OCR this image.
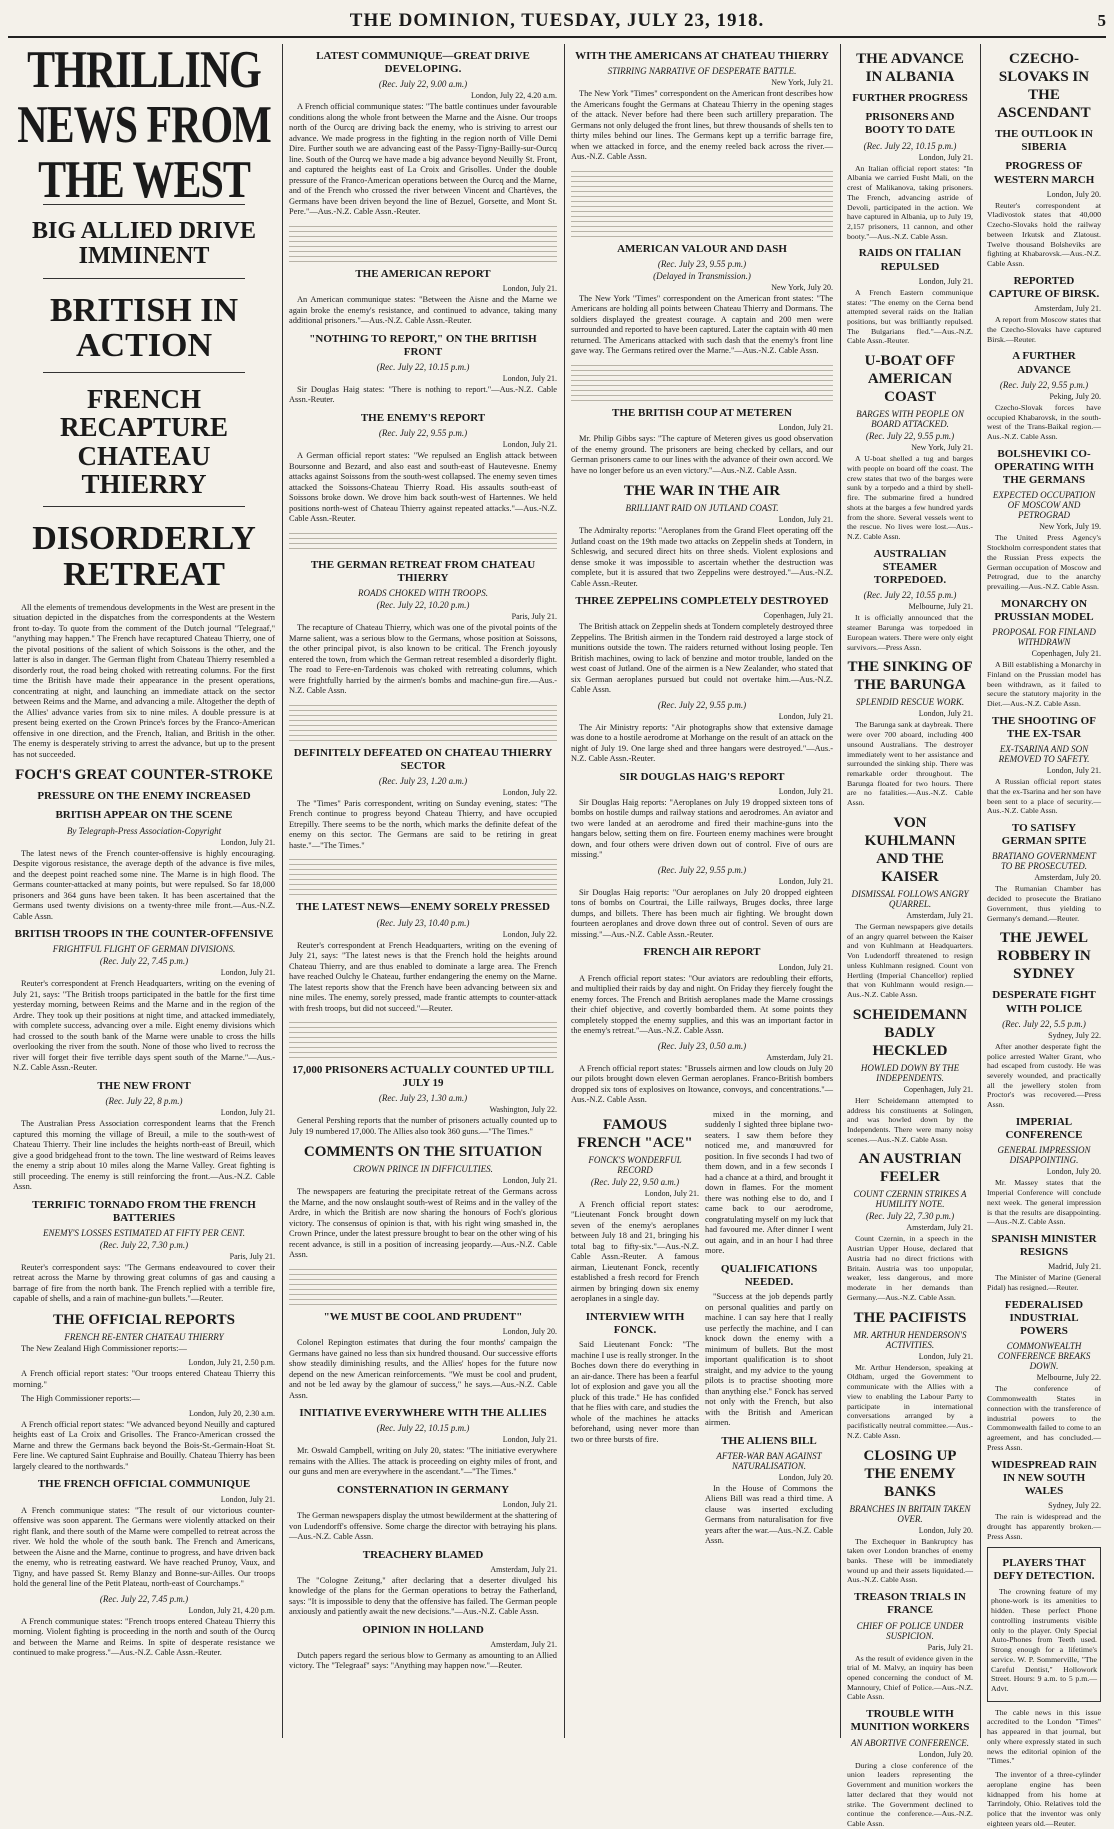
THE DOMINION, TUESDAY, JULY 23, 1918.	5
THRILLING NEWS FROM THE WEST
BIG ALLIED DRIVE IMMINENT
BRITISH IN ACTION
FRENCH RECAPTURE CHATEAU THIERRY
DISORDERLY RETREAT

All the elements of tremendous developments in the West are present in the situation depicted in the dispatches from the correspondents at the Western front to-day. To quote from the comment of the Dutch journal "Telegraaf," "anything may happen." The French have recaptured Chateau Thierry, one of the pivotal positions of the salient of which Soissons is the other, and the latter is also in danger. The German flight from Chateau Thierry resembled a disorderly rout, the road being choked with retreating columns. For the first time the British have made their appearance in the present operations, concentrating at night, and launching an immediate attack on the sector between Reims and the Marne, and advancing a mile. Altogether the depth of the Allies' advance varies from six to nine miles. A double pressure is at present being exerted on the Crown Prince's forces by the Franco-American offensive in one direction, and the French, Italian, and British in the other. The enemy is desperately striving to arrest the advance, but up to the present has not succeeded.

FOCH'S GREAT COUNTER-STROKE
PRESSURE ON THE ENEMY INCREASED
BRITISH APPEAR ON THE SCENE
By Telegraph-Press Association-Copyright
London, July 21.

The latest news of the French counter-offensive is highly encouraging. Despite vigorous resistance, the average depth of the advance is five miles, and the deepest point reached some nine. The Marne is in high flood. The Germans counter-attacked at many points, but were repulsed. So far 18,000 prisoners and 364 guns have been taken. It has been ascertained that the Germans used twenty divisions on a twenty-three mile front.—Aus.-N.Z. Cable Assn.

BRITISH TROOPS IN THE COUNTER-OFFENSIVE
FRIGHTFUL FLIGHT OF GERMAN DIVISIONS.
(Rec. July 22, 7.45 p.m.)
London, July 21.

Reuter's correspondent at French Headquarters, writing on the evening of July 21, says: "The British troops participated in the battle for the first time yesterday morning, between Reims and the Marne and in the region of the Ardre. They took up their positions at night time, and attacked immediately, with complete success, advancing over a mile. Eight enemy divisions which had crossed to the south bank of the Marne were unable to cross the hills overlooking the river from the south. None of those who lived to recross the river will forget their five terrible days spent south of the Marne."—Aus.-N.Z. Cable Assn.-Reuter.

THE NEW FRONT
(Rec. July 22, 8 p.m.)
London, July 21.

The Australian Press Association correspondent learns that the French captured this morning the village of Breuil, a mile to the south-west of Chateau Thierry. Their line includes the heights north-east of Breuil, which give a good bridgehead front to the town. The line westward of Reims leaves the enemy a strip about 10 miles along the Marne Valley. Great fighting is still proceeding. The enemy is still reinforcing the front.—Aus.-N.Z. Cable Assn.

TERRIFIC TORNADO FROM THE FRENCH BATTERIES
ENEMY'S LOSSES ESTIMATED AT FIFTY PER CENT.
(Rec. July 22, 7.30 p.m.)
Paris, July 21.

Reuter's correspondent says: "The Germans endeavoured to cover their retreat across the Marne by throwing great columns of gas and causing a barrage of fire from the north bank. The French replied with a terrible fire, capable of shells, and a rain of machine-gun bullets."—Reuter.

THE OFFICIAL REPORTS
FRENCH RE-ENTER CHATEAU THIERRY

The New Zealand High Commissioner reports:—

London, July 21, 2.50 p.m.

A French official report states: "Our troops entered Chateau Thierry this morning."

The High Commissioner reports:—

London, July 20, 2.30 a.m.

A French official report states: "We advanced beyond Neuilly and captured heights east of La Croix and Grisolles. The Franco-American crossed the Marne and threw the Germans back beyond the Bois-St.-Germain-Hoat St. Fere line. We captured Saint Euphraise and Bouilly. Chateau Thierry has been largely cleared to the northwards."

THE FRENCH OFFICIAL COMMUNIQUE
London, July 21.

A French communique states: "The result of our victorious counter-offensive was soon apparent. The Germans were violently attacked on their right flank, and there south of the Marne were compelled to retreat across the river. We hold the whole of the south bank. The French and Americans, between the Aisne and the Marne, continue to progress, and have driven back the enemy, who is retreating eastward. We have reached Prunoy, Vaux, and Tigny, and have passed St. Remy Blanzy and Bonne-sur-Ailles. Our troops hold the general line of the Petit Plateau, north-east of Courchamps."

(Rec. July 22, 7.45 p.m.)
London, July 21, 4.20 p.m.

A French communique states: "French troops entered Chateau Thierry this morning. Violent fighting is proceeding in the north and south of the Ourcq and between the Marne and Reims. In spite of desperate resistance we continued to make progress."—Aus.-N.Z. Cable Assn.-Reuter.

LATEST COMMUNIQUE—GREAT DRIVE DEVELOPING.
(Rec. July 22, 9.00 a.m.)
London, July 22, 4.20 a.m.

A French official communique states: "The battle continues under favourable conditions along the whole front between the Marne and the Aisne. Our troops north of the Ourcq are driving back the enemy, who is striving to arrest our advance. We made progress in the fighting in the region north of Ville Demi Dire. Further south we are advancing east of the Passy-Tigny-Bailly-sur-Ourcq line. South of the Ourcq we have made a big advance beyond Neuilly St. Front, and captured the heights east of La Croix and Grisolles. Under the double pressure of the Franco-American operations between the Ourcq and the Marne, and of the French who crossed the river between Vincent and Chartèves, the Germans have been driven beyond the line of Bezuel, Gorsette, and Mont St. Pere."—Aus.-N.Z. Cable Assn.-Reuter.

THE AMERICAN REPORT
London, July 21.

An American communique states: "Between the Aisne and the Marne we again broke the enemy's resistance, and continued to advance, taking many additional prisoners."—Aus.-N.Z. Cable Assn.-Reuter.

"NOTHING TO REPORT," ON THE BRITISH FRONT
(Rec. July 22, 10.15 p.m.)
London, July 21.

Sir Douglas Haig states: "There is nothing to report."—Aus.-N.Z. Cable Assn.-Reuter.

THE ENEMY'S REPORT
(Rec. July 22, 9.55 p.m.)
London, July 21.

A German official report states: "We repulsed an English attack between Boursonne and Bezard, and also east and south-east of Hautevesne. Enemy attacks against Soissons from the south-west collapsed. The enemy seven times attacked the Soissons-Chateau Thierry Road. His assaults south-east of Soissons broke down. We drove him back south-west of Hartennes. We held positions north-west of Chateau Thierry against repeated attacks."—Aus.-N.Z. Cable Assn.-Reuter.

THE GERMAN RETREAT FROM CHATEAU THIERRY
ROADS CHOKED WITH TROOPS.
(Rec. July 22, 10.20 p.m.)
Paris, July 21.

The recapture of Chateau Thierry, which was one of the pivotal points of the Marne salient, was a serious blow to the Germans, whose position at Soissons, the other principal pivot, is also known to be critical. The French joyously entered the town, from which the German retreat resembled a disorderly flight. The road to Fere-en-Tardenois was choked with retreating columns, which were frightfully harried by the airmen's bombs and machine-gun fire.—Aus.-N.Z. Cable Assn.

DEFINITELY DEFEATED ON CHATEAU THIERRY SECTOR
(Rec. July 23, 1.20 a.m.)
London, July 22.

The "Times" Paris correspondent, writing on Sunday evening, states: "The French continue to progress beyond Chateau Thierry, and have occupied Etrepilly. There seems to be the north, which marks the definite defeat of the enemy on this sector. The Germans are said to be retiring in great haste."—"The Times."

THE LATEST NEWS—ENEMY SORELY PRESSED
(Rec. July 23, 10.40 p.m.)
London, July 22.

Reuter's correspondent at French Headquarters, writing on the evening of July 21, says: "The latest news is that the French hold the heights around Chateau Thierry, and are thus enabled to dominate a large area. The French have reached Oulchy le Chateau, further endangering the enemy on the Marne. The latest reports show that the French have been advancing between six and nine miles. The enemy, sorely pressed, made frantic attempts to counter-attack with fresh troops, but did not succeed."—Reuter.

17,000 PRISONERS ACTUALLY COUNTED UP TILL JULY 19
(Rec. July 23, 1.30 a.m.)
Washington, July 22.

General Pershing reports that the number of prisoners actually counted up to July 19 numbered 17,000. The Allies also took 360 guns.—"The Times."

COMMENTS ON THE SITUATION
CROWN PRINCE IN DIFFICULTIES.
London, July 21.

The newspapers are featuring the precipitate retreat of the Germans across the Marne, and the now onslaught south-west of Reims and in the valley of the Ardre, in which the British are now sharing the honours of Foch's glorious victory. The consensus of opinion is that, with his right wing smashed in, the Crown Prince, under the latest pressure brought to bear on the other wing of his recent advance, is still in a position of increasing jeopardy.—Aus.-N.Z. Cable Assn.

"WE MUST BE COOL AND PRUDENT"
London, July 20.

Colonel Repington estimates that during the four months' campaign the Germans have gained no less than six hundred thousand. Our successive efforts show steadily diminishing results, and the Allies' hopes for the future now depend on the new American reinforcements. "We must be cool and prudent, and not be led away by the glamour of success," he says.—Aus.-N.Z. Cable Assn.

INITIATIVE EVERYWHERE WITH THE ALLIES
(Rec. July 22, 10.15 p.m.)
London, July 21.

Mr. Oswald Campbell, writing on July 20, states: "The initiative everywhere remains with the Allies. The attack is proceeding on eighty miles of front, and our guns and men are everywhere in the ascendant."—"The Times."

CONSTERNATION IN GERMANY
London, July 21.

The German newspapers display the utmost bewilderment at the shattering of von Ludendorff's offensive. Some charge the director with betraying his plans.—Aus.-N.Z. Cable Assn.

TREACHERY BLAMED
Amsterdam, July 21.

The "Cologne Zeitung," after declaring that a deserter divulged his knowledge of the plans for the German operations to betray the Fatherland, says: "It is impossible to deny that the offensive has failed. The German people anxiously and patiently await the new decisions."—Aus.-N.Z. Cable Assn.

OPINION IN HOLLAND
Amsterdam, July 21.

Dutch papers regard the serious blow to Germany as amounting to an Allied victory. The "Telegraaf" says: "Anything may happen now."—Reuter.

WITH THE AMERICANS AT CHATEAU THIERRY
STIRRING NARRATIVE OF DESPERATE BATTLE.
New York, July 21.

The New York "Times" correspondent on the American front describes how the Americans fought the Germans at Chateau Thierry in the opening stages of the attack. Never before had there been such artillery preparation. The Germans not only deluged the front lines, but threw thousands of shells ten to thirty miles behind our lines. The Germans kept up a terrific barrage fire, when we attacked in force, and the enemy reeled back across the river.—Aus.-N.Z. Cable Assn.

AMERICAN VALOUR AND DASH
(Rec. July 23, 9.55 p.m.)
(Delayed in Transmission.)
New York, July 20.

The New York "Times" correspondent on the American front states: "The Americans are holding all points between Chateau Thierry and Dormans. The soldiers displayed the greatest courage. A captain and 200 men were surrounded and reported to have been captured. Later the captain with 40 men returned. The Americans attacked with such dash that the enemy's front line gave way. The Germans retired over the Marne."—Aus.-N.Z. Cable Assn.

THE BRITISH COUP AT METEREN
London, July 21.

Mr. Philip Gibbs says: "The capture of Meteren gives us good observation of the enemy ground. The prisoners are being checked by cellars, and our German prisoners came to our lines with the advance of their own accord. We have no longer before us an even victory."—Aus.-N.Z. Cable Assn.

THE WAR IN THE AIR
BRILLIANT RAID ON JUTLAND COAST.
London, July 21.

The Admiralty reports: "Aeroplanes from the Grand Fleet operating off the Jutland coast on the 19th made two attacks on Zeppelin sheds at Tondern, in Schleswig, and secured direct hits on three sheds. Violent explosions and dense smoke it was impossible to ascertain whether the destruction was complete, but it is assured that two Zeppelins were destroyed."—Aus.-N.Z. Cable Assn.-Reuter.

THREE ZEPPELINS COMPLETELY DESTROYED
Copenhagen, July 21.

The British attack on Zeppelin sheds at Tondern completely destroyed three Zeppelins. The British airmen in the Tondern raid destroyed a large stock of munitions outside the town. The raiders returned without losing people. Ten British machines, owing to lack of benzine and motor trouble, landed on the west coast of Jutland. One of the airmen is a New Zealander, who stated that six German aeroplanes pursued but could not overtake him.—Aus.-N.Z. Cable Assn.

(Rec. July 22, 9.55 p.m.)
London, July 21.

The Air Ministry reports: "Air photographs show that extensive damage was done to a hostile aerodrome at Morhange on the result of an attack on the night of July 19. One large shed and three hangars were destroyed."—Aus.-N.Z. Cable Assn.-Reuter.

SIR DOUGLAS HAIG'S REPORT
London, July 21.

Sir Douglas Haig reports: "Aeroplanes on July 19 dropped sixteen tons of bombs on hostile dumps and railway stations and aerodromes. An aviator and two were landed at an aerodrome and fired their machine-guns into the hangars below, setting them on fire. Fourteen enemy machines were brought down, and four others were driven down out of control. Five of ours are missing."

(Rec. July 22, 9.55 p.m.)
London, July 21.

Sir Douglas Haig reports: "Our aeroplanes on July 20 dropped eighteen tons of bombs on Courtrai, the Lille railways, Bruges docks, three large dumps, and billets. There has been much air fighting. We brought down fourteen aeroplanes and drove down three out of control. Seven of ours are missing."—Aus.-N.Z. Cable Assn.-Reuter.

FRENCH AIR REPORT
London, July 21.

A French official report states: "Our aviators are redoubling their efforts, and multiplied their raids by day and night. On Friday they fiercely fought the enemy forces. The French and British aeroplanes made the Marne crossings their chief objective, and covertly bombarded them. At some points they completely stopped the enemy supplies, and this was an important factor in the enemy's retreat."—Aus.-N.Z. Cable Assn.

(Rec. July 23, 0.50 a.m.)
Amsterdam, July 21.

A French official report states: "Brussels airmen and low clouds on July 20 our pilots brought down eleven German aeroplanes. Franco-British bombers dropped six tons of explosives on Itowance, convoys, and concentrations."—Aus.-N.Z. Cable Assn.

FAMOUS FRENCH "ACE"
FONCK'S WONDERFUL RECORD
(Rec. July 22, 9.50 a.m.)
London, July 21.

A French official report states: "Lieutenant Fonck brought down seven of the enemy's aeroplanes between July 18 and 21, bringing his total bag to fifty-six."—Aus.-N.Z. Cable Assn.-Reuter. A famous airman, Lieutenant Fonck, recently established a fresh record for French airmen by bringing down six enemy aeroplanes in a single day.

INTERVIEW WITH FONCK.

Said Lieutenant Fonck: "The machine I use is really stronger. In the Boches down there do everything in an air-dance. There has been a fearful lot of explosion and gave you all the pluck of this trade." He has confided that he flies with care, and studies the whole of the machines he attacks beforehand, using never more than two or three bursts of fire.

mixed in the morning, and suddenly I sighted three biplane two-seaters. I saw them before they noticed me, and manœuvred for position. In five seconds I had two of them down, and in a few seconds I had a chance at a third, and brought it down in flames. For the moment there was nothing else to do, and I came back to our aerodrome, congratulating myself on my luck that had favoured me. After dinner I went out again, and in an hour I had three more.

QUALIFICATIONS NEEDED.

"Success at the job depends partly on personal qualities and partly on machine. I can say here that I really use perfectly the machine, and I can knock down the enemy with a minimum of bullets. But the most important qualification is to shoot straight, and my advice to the young pilots is to practise shooting more than anything else." Fonck has served not only with the French, but also with the British and American airmen.

THE ALIENS BILL
AFTER-WAR BAN AGAINST NATURALISATION.
London, July 20.

In the House of Commons the Aliens Bill was read a third time. A clause was inserted excluding Germans from naturalisation for five years after the war.—Aus.-N.Z. Cable Assn.

THE ADVANCE IN ALBANIA
FURTHER PROGRESS
PRISONERS AND BOOTY TO DATE
(Rec. July 22, 10.15 p.m.)
London, July 21.

An Italian official report states: "In Albania we carried Fusht Mali, on the crest of Malikanova, taking prisoners. The French, advancing astride of Devoli, participated in the action. We have captured in Albania, up to July 19, 2,157 prisoners, 11 cannon, and other booty."—Aus.-N.Z. Cable Assn.

RAIDS ON ITALIAN REPULSED
London, July 21.

A French Eastern communique states: "The enemy on the Cerna bend attempted several raids on the Italian positions, but was brilliantly repulsed. The Bulgarians fled."—Aus.-N.Z. Cable Assn.-Reuter.

U-BOAT OFF AMERICAN COAST
BARGES WITH PEOPLE ON BOARD ATTACKED.
(Rec. July 22, 9.55 p.m.)
New York, July 21.

A U-boat shelled a tug and barges with people on board off the coast. The crew states that two of the barges were sunk by a torpedo and a third by shell-fire. The submarine fired a hundred shots at the barges a few hundred yards from the shore. Several vessels went to the rescue. No lives were lost.—Aus.-N.Z. Cable Assn.

AUSTRALIAN STEAMER TORPEDOED.
(Rec. July 22, 10.55 p.m.)
Melbourne, July 21.

It is officially announced that the steamer Barunga was torpedoed in European waters. There were only eight survivors.—Press Assn.

THE SINKING OF THE BARUNGA
SPLENDID RESCUE WORK.
London, July 21.

The Barunga sank at daybreak. There were over 700 aboard, including 400 unsound Australians. The destroyer immediately went to her assistance and surrounded the sinking ship. There was remarkable order throughout. The Barunga floated for two hours. There are no fatalities.—Aus.-N.Z. Cable Assn.

VON KUHLMANN AND THE KAISER
DISMISSAL FOLLOWS ANGRY QUARREL.
Amsterdam, July 21.

The German newspapers give details of an angry quarrel between the Kaiser and von Kuhlmann at Headquarters. Von Ludendorff threatened to resign unless Kuhlmann resigned. Count von Hertling (Imperial Chancellor) replied that von Kuhlmann would resign.—Aus.-N.Z. Cable Assn.

SCHEIDEMANN BADLY HECKLED
HOWLED DOWN BY THE INDEPENDENTS.
Copenhagen, July 21.

Herr Scheidemann attempted to address his constituents at Solingen, and was howled down by the Independents. There were many noisy scenes.—Aus.-N.Z. Cable Assn.

AN AUSTRIAN FEELER
COUNT CZERNIN STRIKES A HUMILITY NOTE.
(Rec. July 22, 7.30 p.m.)
Amsterdam, July 21.

Count Czernin, in a speech in the Austrian Upper House, declared that Austria had no direct frictions with Britain. Austria was too unpopular, weaker, less dangerous, and more moderate in her demands than Germany.—Aus.-N.Z. Cable Assn.

THE PACIFISTS
MR. ARTHUR HENDERSON'S ACTIVITIES.
London, July 21.

Mr. Arthur Henderson, speaking at Oldham, urged the Government to communicate with the Allies with a view to enabling the Labour Party to participate in international conversations arranged by a pacifistically neutral committee.—Aus.-N.Z. Cable Assn.

CLOSING UP THE ENEMY BANKS
BRANCHES IN BRITAIN TAKEN OVER.
London, July 20.

The Exchequer in Bankruptcy has taken over London branches of enemy banks. These will be immediately wound up and their assets liquidated.—Aus.-N.Z. Cable Assn.

TREASON TRIALS IN FRANCE
CHIEF OF POLICE UNDER SUSPICION.
Paris, July 21.

As the result of evidence given in the trial of M. Malvy, an inquiry has been opened concerning the conduct of M. Mannoury, Chief of Police.—Aus.-N.Z. Cable Assn.

TROUBLE WITH MUNITION WORKERS
AN ABORTIVE CONFERENCE.
London, July 20.

During a close conference of the union leaders representing the Government and munition workers the latter declared that they would not strike. The Government declined to continue the conference.—Aus.-N.Z. Cable Assn.

CZECHO-SLOVAKS IN THE ASCENDANT
THE OUTLOOK IN SIBERIA
PROGRESS OF WESTERN MARCH
London, July 20.

Reuter's correspondent at Vladivostok states that 40,000 Czecho-Slovaks hold the railway between Irkutsk and Zlatoust. Twelve thousand Bolsheviks are fighting at Khabarovsk.—Aus.-N.Z. Cable Assn.

REPORTED CAPTURE OF BIRSK.
Amsterdam, July 21.

A report from Moscow states that the Czecho-Slovaks have captured Birsk.—Reuter.

A FURTHER ADVANCE
(Rec. July 22, 9.55 p.m.)
Peking, July 20.

Czecho-Slovak forces have occupied Khabarovsk, in the south-west of the Trans-Baikal region.—Aus.-N.Z. Cable Assn.

BOLSHEVIKI CO-OPERATING WITH THE GERMANS
EXPECTED OCCUPATION OF MOSCOW AND PETROGRAD
New York, July 19.

The United Press Agency's Stockholm correspondent states that the Russian Press expects the German occupation of Moscow and Petrograd, due to the anarchy prevailing.—Aus.-N.Z. Cable Assn.

MONARCHY ON PRUSSIAN MODEL
PROPOSAL FOR FINLAND WITHDRAWN
Copenhagen, July 21.

A Bill establishing a Monarchy in Finland on the Prussian model has been withdrawn, as it failed to secure the statutory majority in the Diet.—Aus.-N.Z. Cable Assn.

THE SHOOTING OF THE EX-TSAR
EX-TSARINA AND SON REMOVED TO SAFETY.
London, July 21.

A Russian official report states that the ex-Tsarina and her son have been sent to a place of security.—Aus.-N.Z. Cable Assn.

TO SATISFY GERMAN SPITE
BRATIANO GOVERNMENT TO BE PROSECUTED.
Amsterdam, July 20.

The Rumanian Chamber has decided to prosecute the Bratiano Government, thus yielding to Germany's demand.—Reuter.

THE JEWEL ROBBERY IN SYDNEY
DESPERATE FIGHT WITH POLICE
(Rec. July 22, 5.5 p.m.)
Sydney, July 22.

After another desperate fight the police arrested Walter Grant, who had escaped from custody. He was severely wounded, and practically all the jewellery stolen from Proctor's was recovered.—Press Assn.

IMPERIAL CONFERENCE
GENERAL IMPRESSION DISAPPOINTING.
London, July 20.

Mr. Massey states that the Imperial Conference will conclude next week. The general impression is that the results are disappointing.—Aus.-N.Z. Cable Assn.

SPANISH MINISTER RESIGNS
Madrid, July 21.

The Minister of Marine (General Pidal) has resigned.—Reuter.

FEDERALISED INDUSTRIAL POWERS
COMMONWEALTH CONFERENCE BREAKS DOWN.
Melbourne, July 22.

The conference of Commonwealth States in connection with the transference of industrial powers to the Commonwealth failed to come to an agreement, and has concluded.—Press Assn.

WIDESPREAD RAIN IN NEW SOUTH WALES
Sydney, July 22.

The rain is widespread and the drought has apparently broken.—Press Assn.

PLAYERS THAT DEFY DETECTION.

The crowning feature of my phone-work is its amenities to hidden. These perfect Phone controlling instruments visible only to the player. Only Special Auto-Phones from Teeth used. Strong enough for a lifetime's service. W. P. Sommerville, "The Careful Dentist," Hollowork Street. Hours: 9 a.m. to 5 p.m.—Advt.

The cable news in this issue accredited to the London "Times" has appeared in that journal, but only where expressly stated in such news the editorial opinion of the "Times."

The inventor of a three-cylinder aeroplane engine has been kidnapped from his home at Tarrindoly, Ohio. Relatives told the police that the inventor was only eighteen years old.—Reuter.
